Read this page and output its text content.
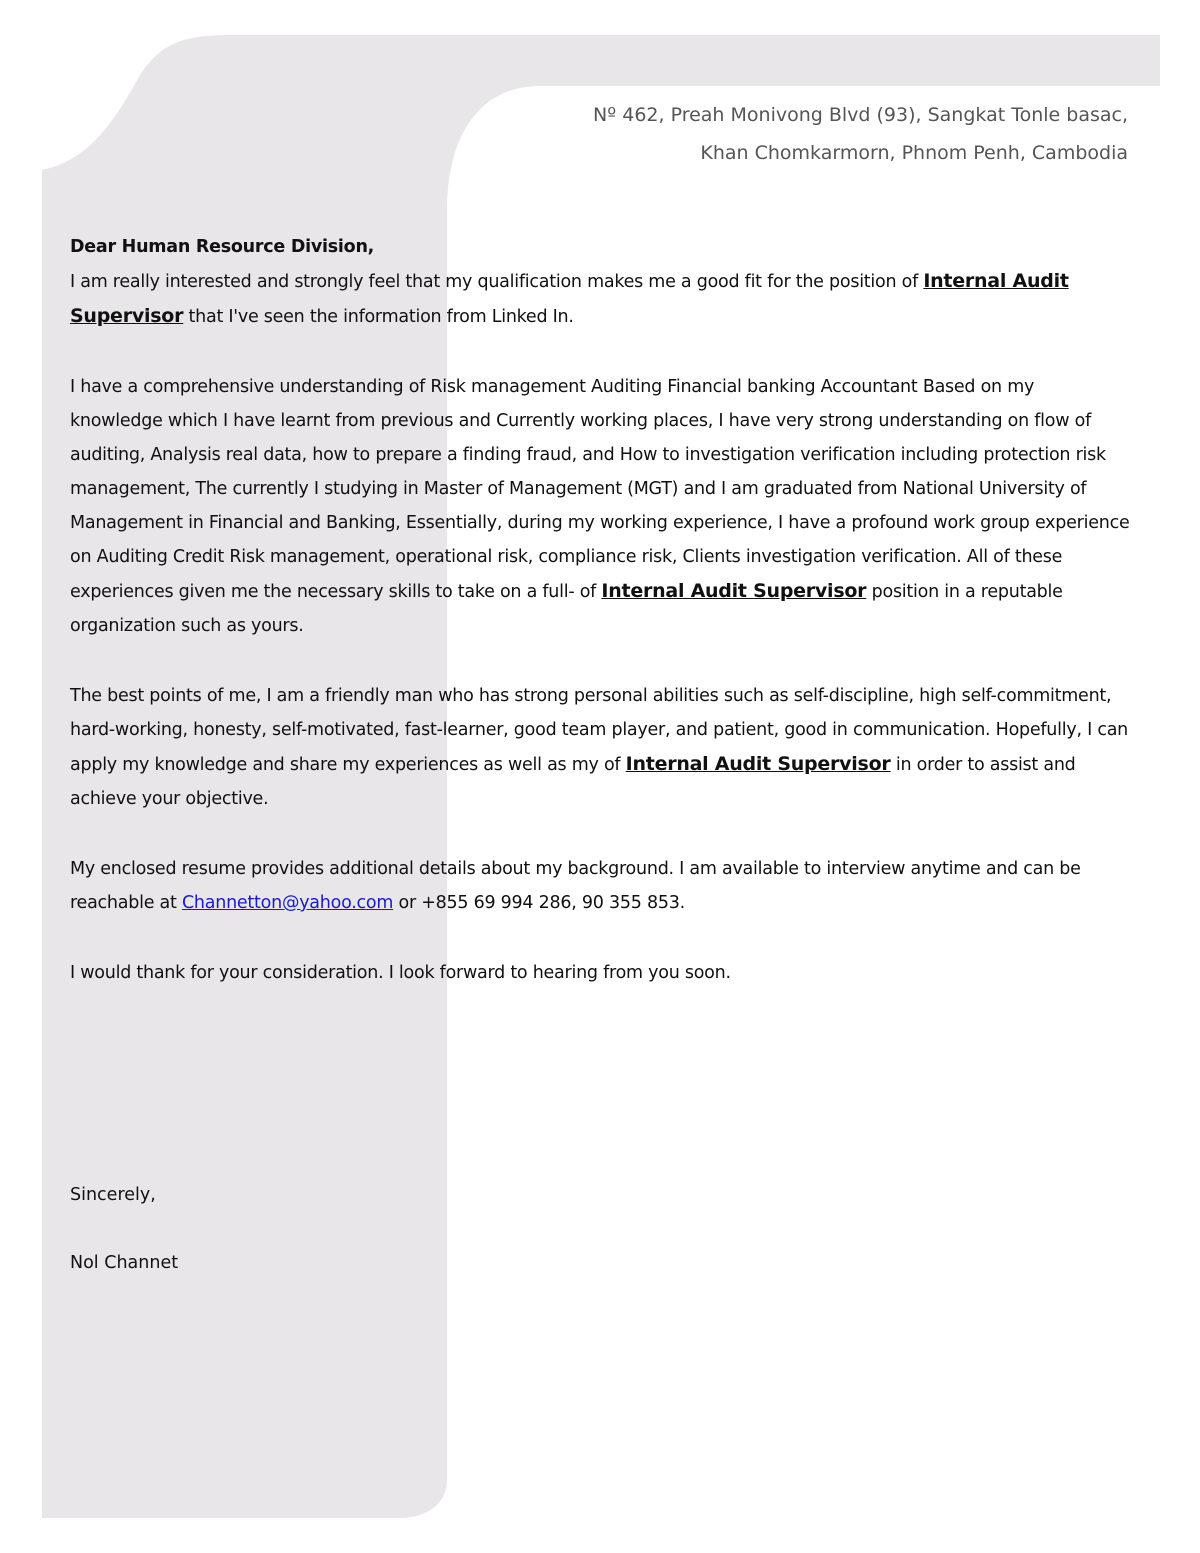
Nº 462, Preah Monivong Blvd (93), Sangkat Tonle basac,
Khan Chomkarmorn, Phnom Penh, Cambodia

Dear Human Resource Division,
I am really interested and strongly feel that my qualification makes me a good fit for the position of Internal Audit Supervisor that I've seen the information from Linked In.

I have a comprehensive understanding of Risk management Auditing Financial banking Accountant Based on my knowledge which I have learnt from previous and Currently working places, I have very strong understanding on flow of auditing, Analysis real data, how to prepare a finding fraud, and How to investigation verification including protection risk management, The currently I studying in Master of Management (MGT) and I am graduated from National University of Management in Financial and Banking, Essentially, during my working experience, I have a profound work group experience on Auditing Credit Risk management, operational risk, compliance risk, Clients investigation verification. All of these experiences given me the necessary skills to take on a full- of Internal Audit Supervisor position in a reputable organization such as yours.

The best points of me, I am a friendly man who has strong personal abilities such as self-discipline, high self-commitment, hard-working, honesty, self-motivated, fast-learner, good team player, and patient, good in communication. Hopefully, I can apply my knowledge and share my experiences as well as my of Internal Audit Supervisor in order to assist and achieve your objective.

My enclosed resume provides additional details about my background. I am available to interview anytime and can be reachable at Channetton@yahoo.com or +855 69 994 286, 90 355 853.

I would thank for your consideration. I look forward to hearing from you soon.

Sincerely,
Nol Channet
